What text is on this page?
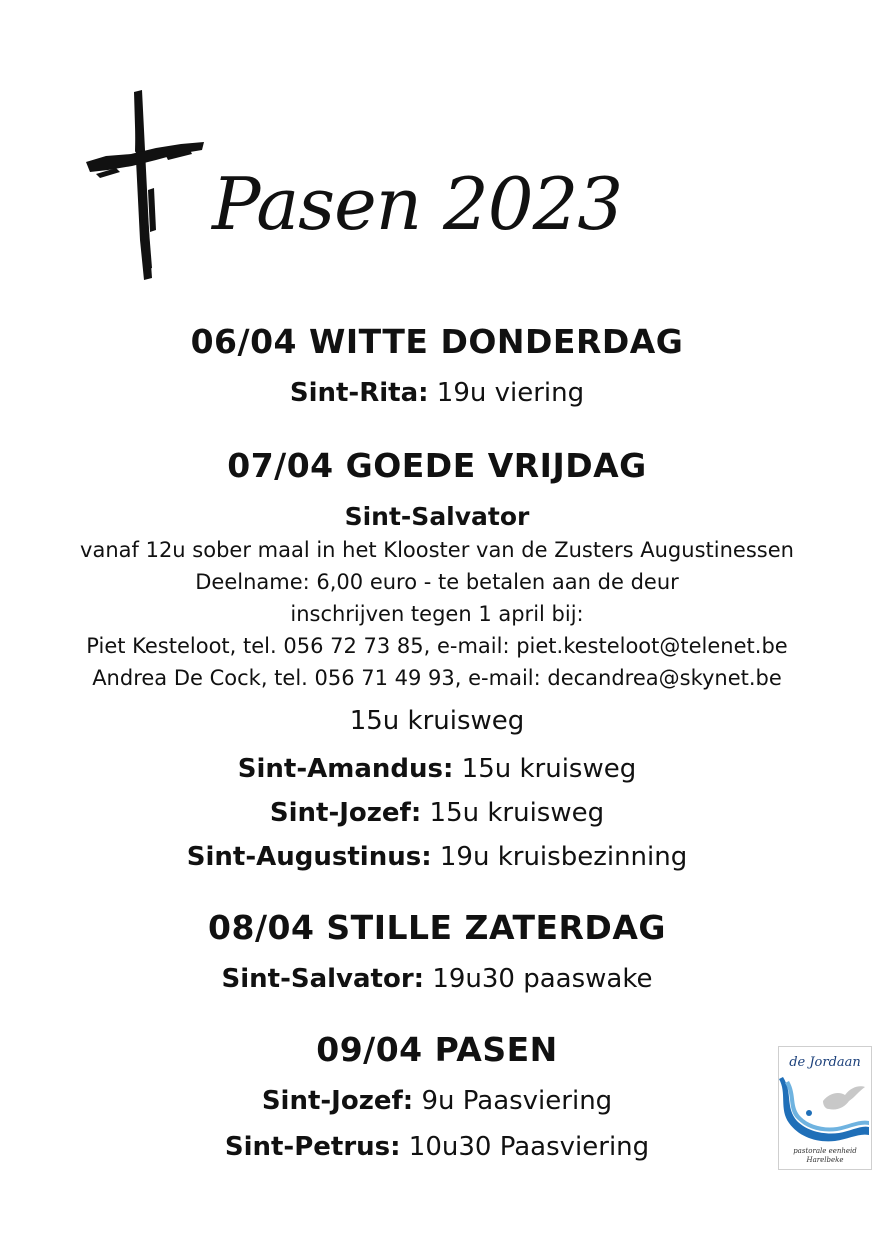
Pasen 2023
06/04 WITTE DONDERDAG
Sint-Rita: 19u viering
07/04 GOEDE VRIJDAG
Sint-Salvator
vanaf 12u sober maal in het Klooster van de Zusters Augustinessen
Deelname: 6,00 euro - te betalen aan de deur
inschrijven tegen 1 april bij:
Piet Kesteloot, tel. 056 72 73 85, e-mail: piet.kesteloot@telenet.be
Andrea De Cock, tel. 056 71 49 93, e-mail: decandrea@skynet.be
15u kruisweg
Sint-Amandus: 15u kruisweg
Sint-Jozef: 15u kruisweg
Sint-Augustinus: 19u kruisbezinning
08/04 STILLE ZATERDAG
Sint-Salvator: 19u30 paaswake
09/04 PASEN
Sint-Jozef: 9u Paasviering
Sint-Petrus: 10u30 Paasviering
de Jordaan
pastorale eenheid
Harelbeke
